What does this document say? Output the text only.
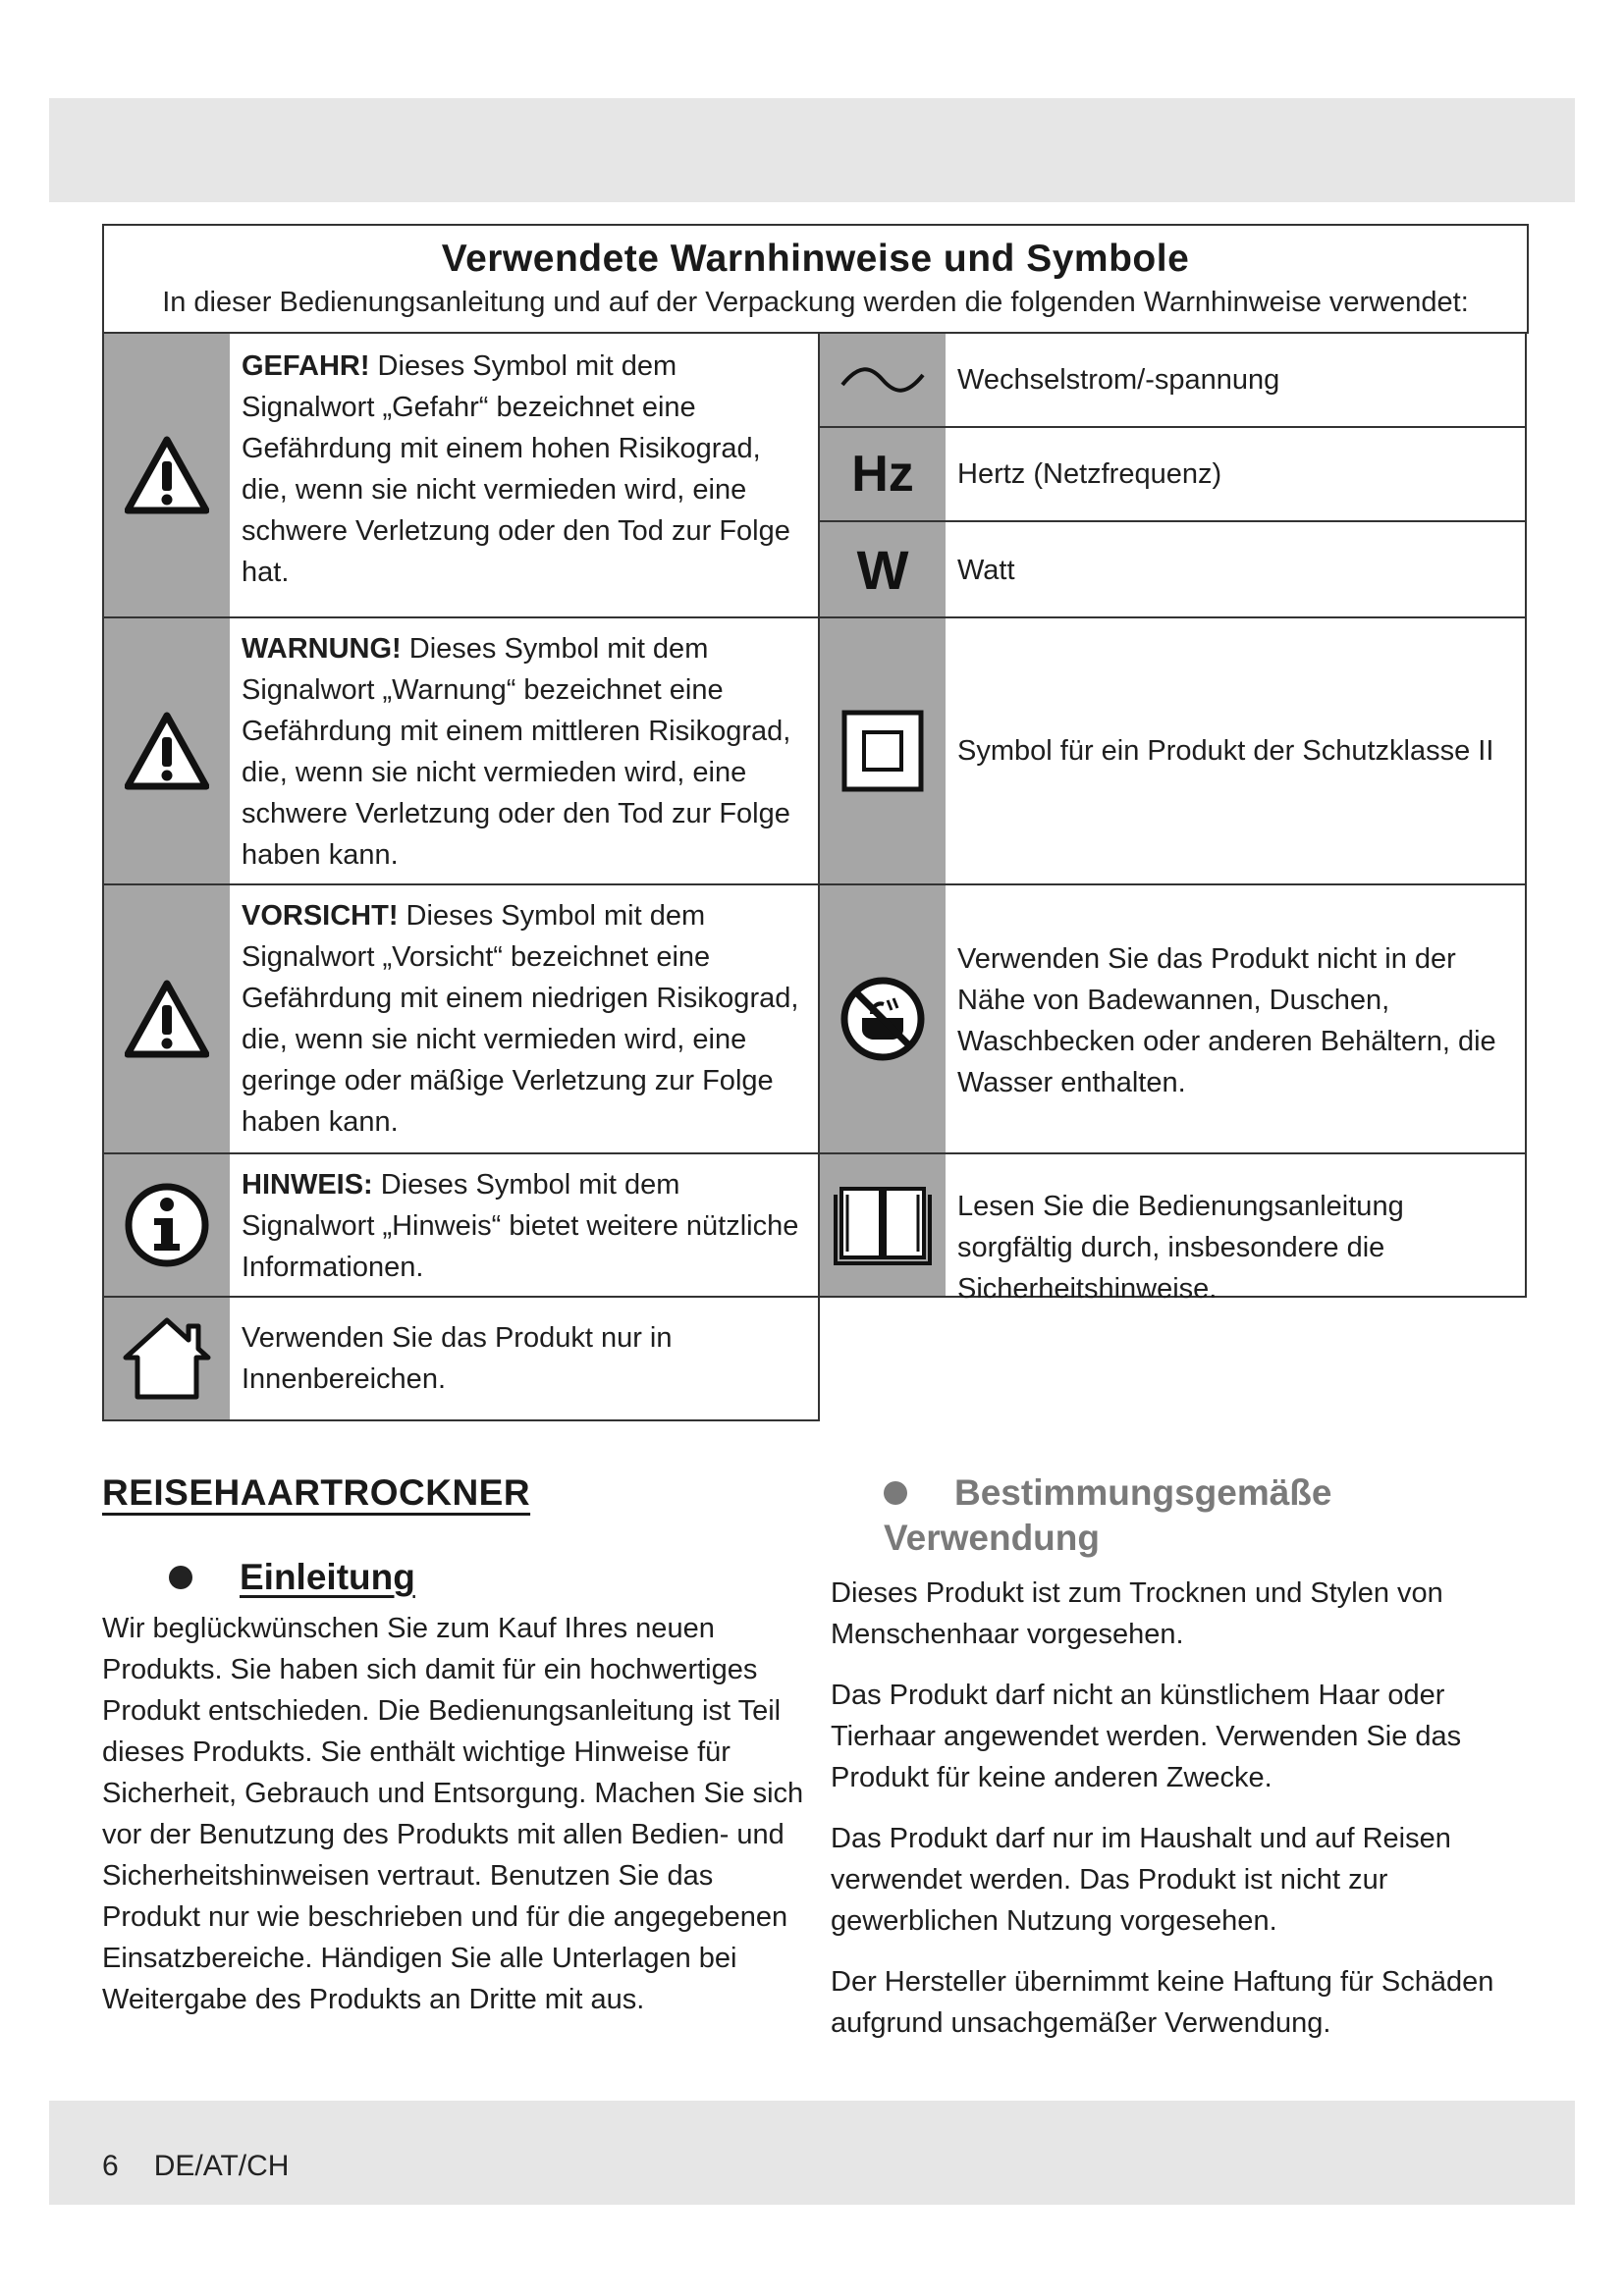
Verwendete Warnhinweise und Symbole
In dieser Bedienungsanleitung und auf der Verpackung werden die folgenden Warnhinweise verwendet:
GEFAHR! Dieses Symbol mit dem Signalwort „Gefahr“ bezeichnet eine Gefährdung mit einem hohen Risikograd, die, wenn sie nicht vermieden wird, eine schwere Verletzung oder den Tod zur Folge hat.
WARNUNG! Dieses Symbol mit dem Signalwort „Warnung“ bezeichnet eine Gefährdung mit einem mittleren Risikograd, die, wenn sie nicht vermieden wird, eine schwere Verletzung oder den Tod zur Folge haben kann.
VORSICHT! Dieses Symbol mit dem Signalwort „Vorsicht“ bezeichnet eine Gefährdung mit einem niedrigen Risikograd, die, wenn sie nicht vermieden wird, eine geringe oder mäßige Verletzung zur Folge haben kann.
HINWEIS: Dieses Symbol mit dem Signalwort „Hinweis“ bietet weitere nützliche Informationen.
Verwenden Sie das Produkt nur in Innenbereichen.
Wechselstrom/-spannung
Hz Hertz (Netzfrequenz)
W Watt
Symbol für ein Produkt der Schutzklasse II
Verwenden Sie das Produkt nicht in der Nähe von Badewannen, Duschen, Waschbecken oder anderen Behältern, die Wasser enthalten.
Lesen Sie die Bedienungsanleitung sorgfältig durch, insbesondere die Sicherheitshinweise.
REISEHAARTROCKNER
Einleitung
Wir beglückwünschen Sie zum Kauf Ihres neuen Produkts. Sie haben sich damit für ein hochwertiges Produkt entschieden. Die Bedienungsanleitung ist Teil dieses Produkts. Sie enthält wichtige Hinweise für Sicherheit, Gebrauch und Entsorgung. Machen Sie sich vor der Benutzung des Produkts mit allen Bedien- und Sicherheitshinweisen vertraut. Benutzen Sie das Produkt nur wie beschrieben und für die angegebenen Einsatzbereiche. Händigen Sie alle Unterlagen bei Weitergabe des Produkts an Dritte mit aus.
Bestimmungsgemäße
Verwendung
Dieses Produkt ist zum Trocknen und Stylen von Menschenhaar vorgesehen.
Das Produkt darf nicht an künstlichem Haar oder Tierhaar angewendet werden. Verwenden Sie das Produkt für keine anderen Zwecke.
Das Produkt darf nur im Haushalt und auf Reisen verwendet werden. Das Produkt ist nicht zur gewerblichen Nutzung vorgesehen.
Der Hersteller übernimmt keine Haftung für Schäden aufgrund unsachgemäßer Verwendung.
6 DE/AT/CH
